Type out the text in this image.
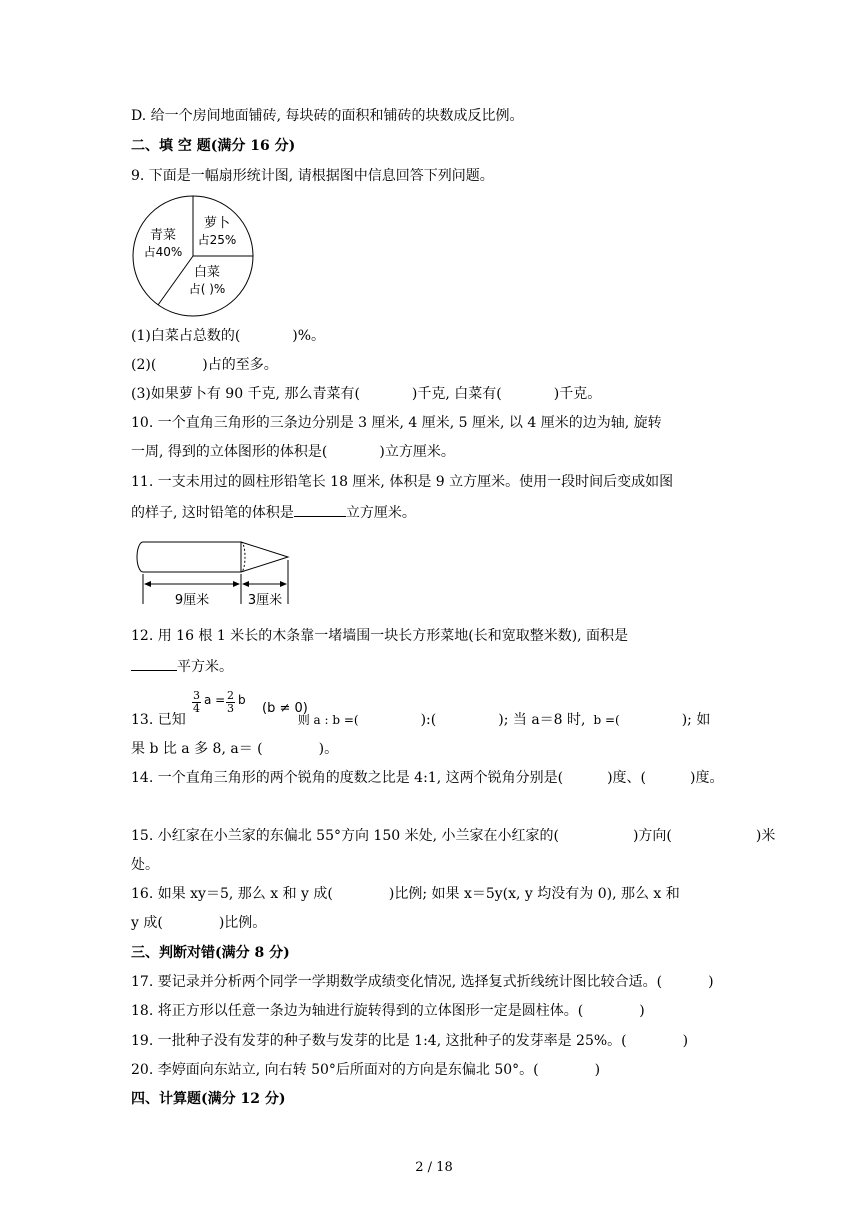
D. 给一个房间地面铺砖, 每块砖的面积和铺砖的块数成反比例。
二、填 空 题(满分 16 分)
9. 下面是一幅扇形统计图, 请根据图中信息回答下列问题。
青菜
占40%
萝卜
占25%
白菜
占( )%
(1)白菜占总数的(	)%。
(2)(	)占的至多。
(3)如果萝卜有 90 千克, 那么青菜有(	)千克, 白菜有(	)千克。
10. 一个直角三角形的三条边分别是 3 厘米, 4 厘米, 5 厘米, 以 4 厘米的边为轴, 旋转
一周, 得到的立体图形的体积是(	)立方厘米。
11. 一支未用过的圆柱形铅笔长 18 厘米, 体积是 9 立方厘米。使用一段时间后变成如图
的样子, 这时铅笔的体积是	立方厘米。
9厘米	3厘米
12. 用 16 根 1 米长的木条靠一堵墙围一块长方形菜地(长和宽取整米数), 面积是
平方米。
$\frac{3}{4}$ $a = \frac{2}{3}$ b
(b ≠ 0)
13. 已知	则 a : b =(	):(	); 当 a＝8 时, b =(	); 如
果 b 比 a 多 8, a＝ (	)。
14. 一个直角三角形的两个锐角的度数之比是 4:1, 这两个锐角分别是(	)度、(	)度。
15. 小红家在小兰家的东偏北 55°方向 150 米处, 小兰家在小红家的(	)方向(	)米
处。
16. 如果 xy＝5, 那么 x 和 y 成(	)比例; 如果 x＝5y(x, y 均没有为 0), 那么 x 和
y 成(	)比例。
三、判断对错(满分 8 分)
17. 要记录并分析两个同学一学期数学成绩变化情况, 选择复式折线统计图比较合适。(	)
18. 将正方形以任意一条边为轴进行旋转得到的立体图形一定是圆柱体。(	)
19. 一批种子没有发芽的种子数与发芽的比是 1:4, 这批种子的发芽率是 25%。(	)
20. 李婷面向东站立, 向右转 50°后所面对的方向是东偏北 50°。(	)
四、计算题(满分 12 分)
2 / 18
